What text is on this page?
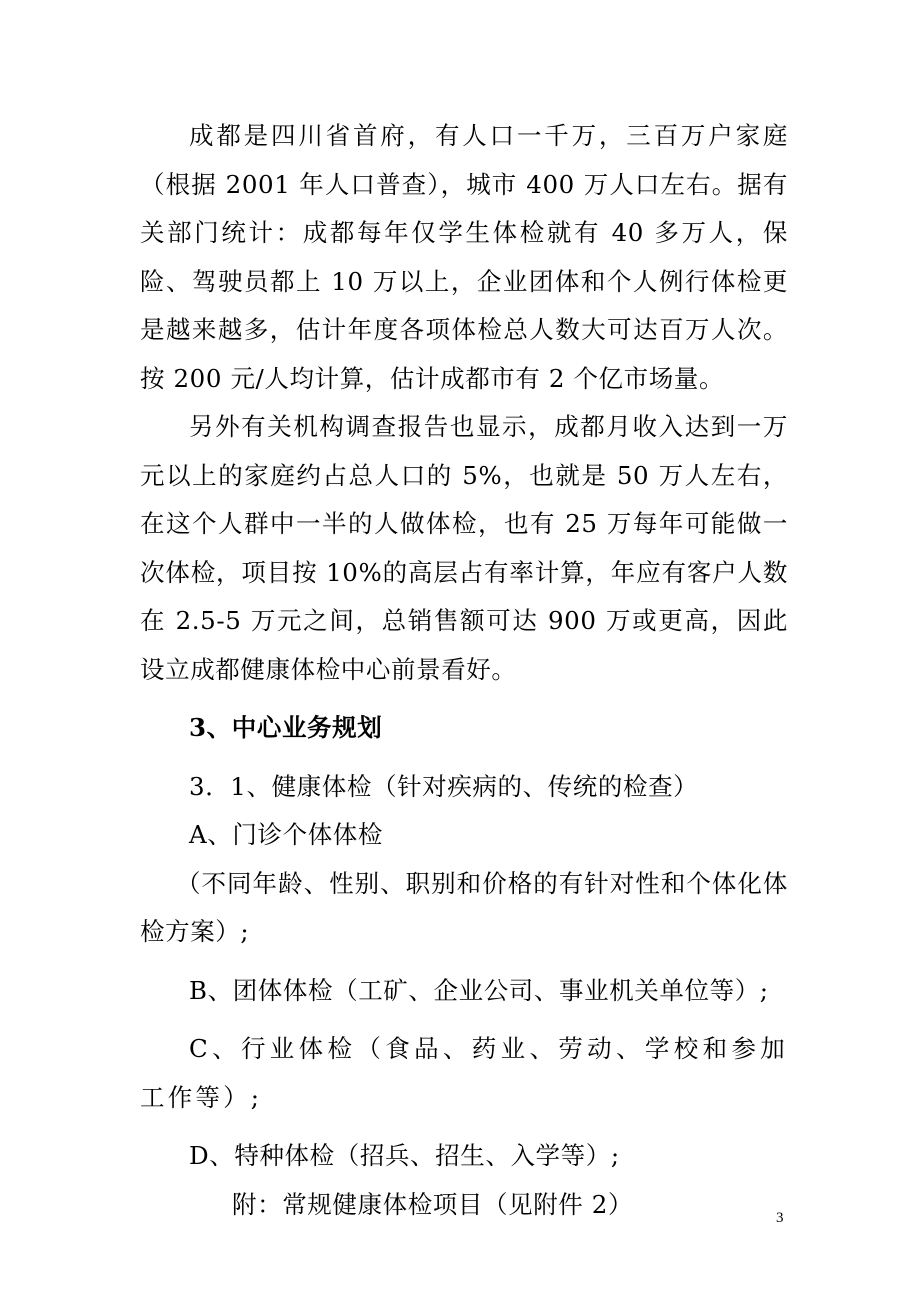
成都是四川省首府，有人口一千万，三百万户家庭（根据 2001 年人口普查），城市 400 万人口左右。据有关部门统计：成都每年仅学生体检就有 40 多万人，保险、驾驶员都上 10 万以上，企业团体和个人例行体检更是越来越多，估计年度各项体检总人数大可达百万人次。按 200 元/人均计算，估计成都市有 2 个亿市场量。

另外有关机构调查报告也显示，成都月收入达到一万元以上的家庭约占总人口的 5%，也就是 50 万人左右，在这个人群中一半的人做体检，也有 25 万每年可能做一次体检，项目按 10%的高层占有率计算，年应有客户人数在 2.5-5 万元之间，总销售额可达 900 万或更高，因此设立成都健康体检中心前景看好。

3、中心业务规划

3．1、健康体检（针对疾病的、传统的检查）

A、门诊个体体检

（不同年龄、性别、职别和价格的有针对性和个体化体检方案）;

B、团体体检（工矿、企业公司、事业机关单位等）;

C、行业体检（食品、药业、劳动、学校和参加工作等）;

D、特种体检（招兵、招生、入学等）;

附：常规健康体检项目（见附件 2）	3
